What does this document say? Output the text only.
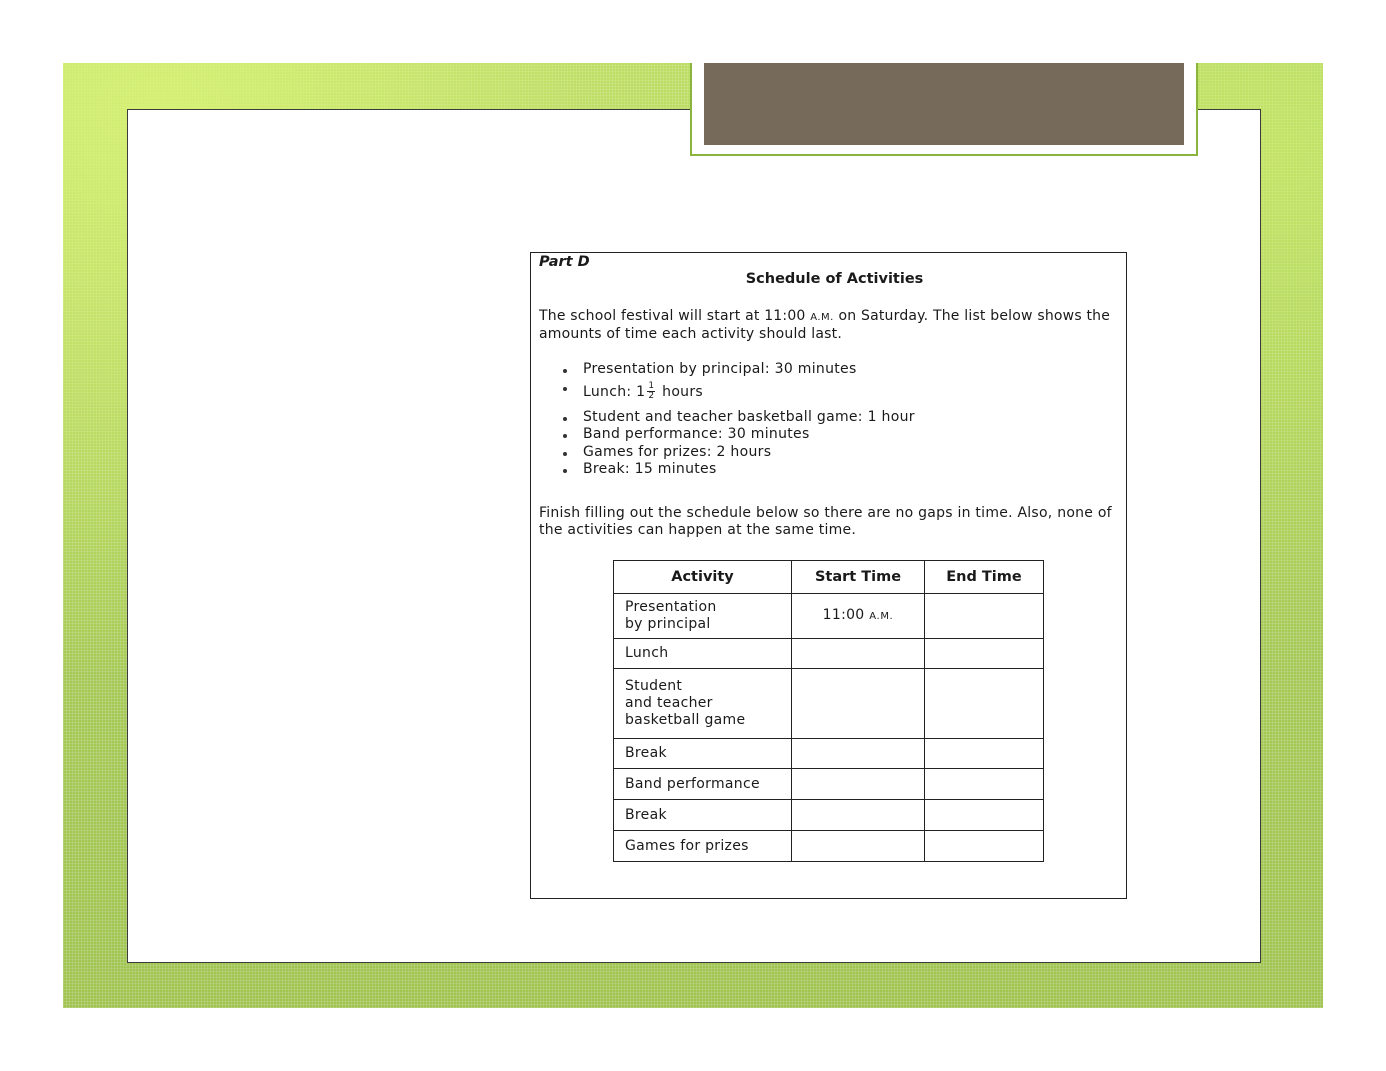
Part D
Schedule of Activities
The school festival will start at 11:00 A.M. on Saturday. The list below shows the amounts of time each activity should last.
Presentation by principal: 30 minutes
Lunch: $1 \frac{1}{2}$ hours
Student and teacher basketball game: 1 hour
Band performance: 30 minutes
Games for prizes: 2 hours
Break: 15 minutes
Finish filling out the schedule below so there are no gaps in time. Also, none of the activities can happen at the same time.
Activity	Start Time	End Time

Presentation
by principal	11:00 A.M.	

Lunch		

Student
and teacher
basketball game		

Break		

Band performance		

Break		

Games for prizes		
